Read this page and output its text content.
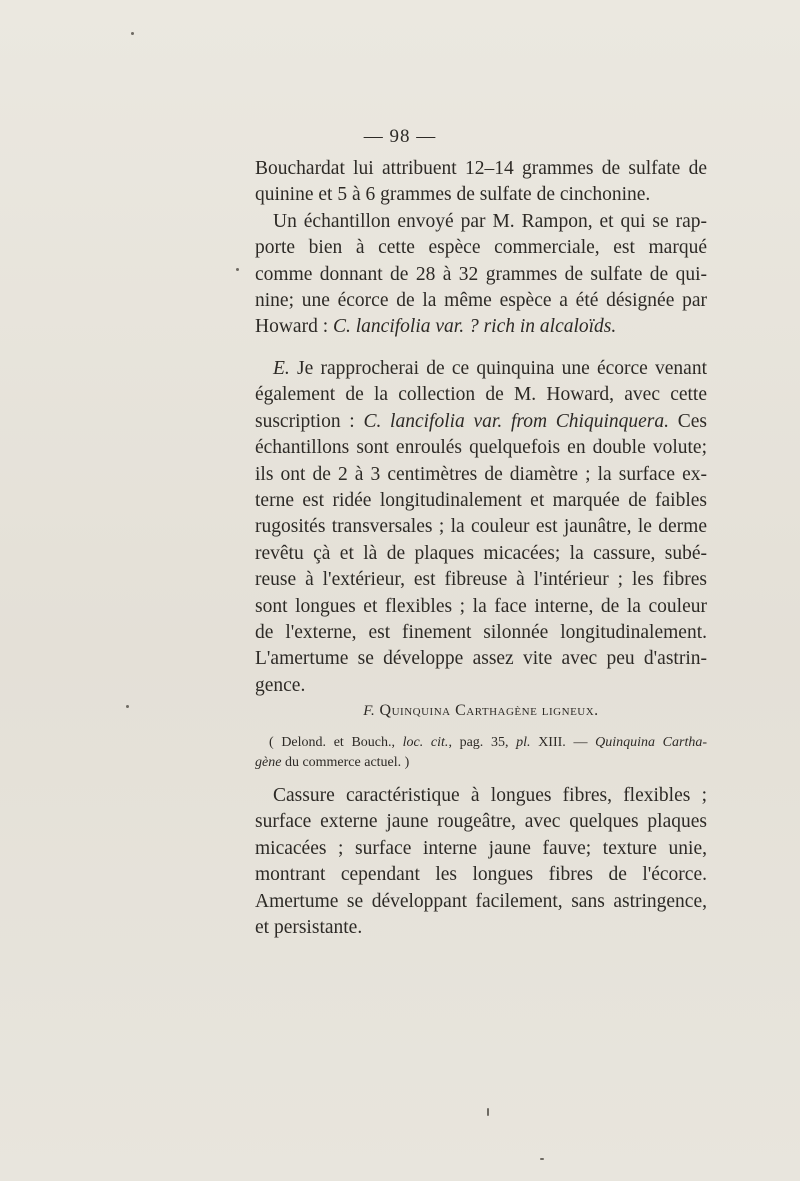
— 98 —
Bouchardat lui attribuent 12–14 grammes de sulfate de
quinine et 5 à 6 grammes de sulfate de cinchonine.
Un échantillon envoyé par M. Rampon, et qui se rap-
porte bien à cette espèce commerciale, est marqué
comme donnant de 28 à 32 grammes de sulfate de qui-
nine; une écorce de la même espèce a été désignée par
Howard : C. lancifolia var. ? rich in alcaloïds.
E. Je rapprocherai de ce quinquina une écorce venant
également de la collection de M. Howard, avec cette
suscription : C. lancifolia var. from Chiquinquera. Ces
échantillons sont enroulés quelquefois en double volute;
ils ont de 2 à 3 centimètres de diamètre ; la surface ex-
terne est ridée longitudinalement et marquée de faibles
rugosités transversales ; la couleur est jaunâtre, le derme
revêtu çà et là de plaques micacées; la cassure, subé-
reuse à l'extérieur, est fibreuse à l'intérieur ; les fibres
sont longues et flexibles ; la face interne, de la couleur
de l'externe, est finement silonnée longitudinalement.
L'amertume se développe assez vite avec peu d'astrin-
gence.
F. Quinquina Carthagène ligneux.
( Delond. et Bouch., loc. cit., pag. 35, pl. XIII. — Quinquina Cartha-
gène du commerce actuel. )
Cassure caractéristique à longues fibres, flexibles ;
surface externe jaune rougeâtre, avec quelques plaques
micacées ; surface interne jaune fauve; texture unie,
montrant cependant les longues fibres de l'écorce.
Amertume se développant facilement, sans astringence,
et persistante.
